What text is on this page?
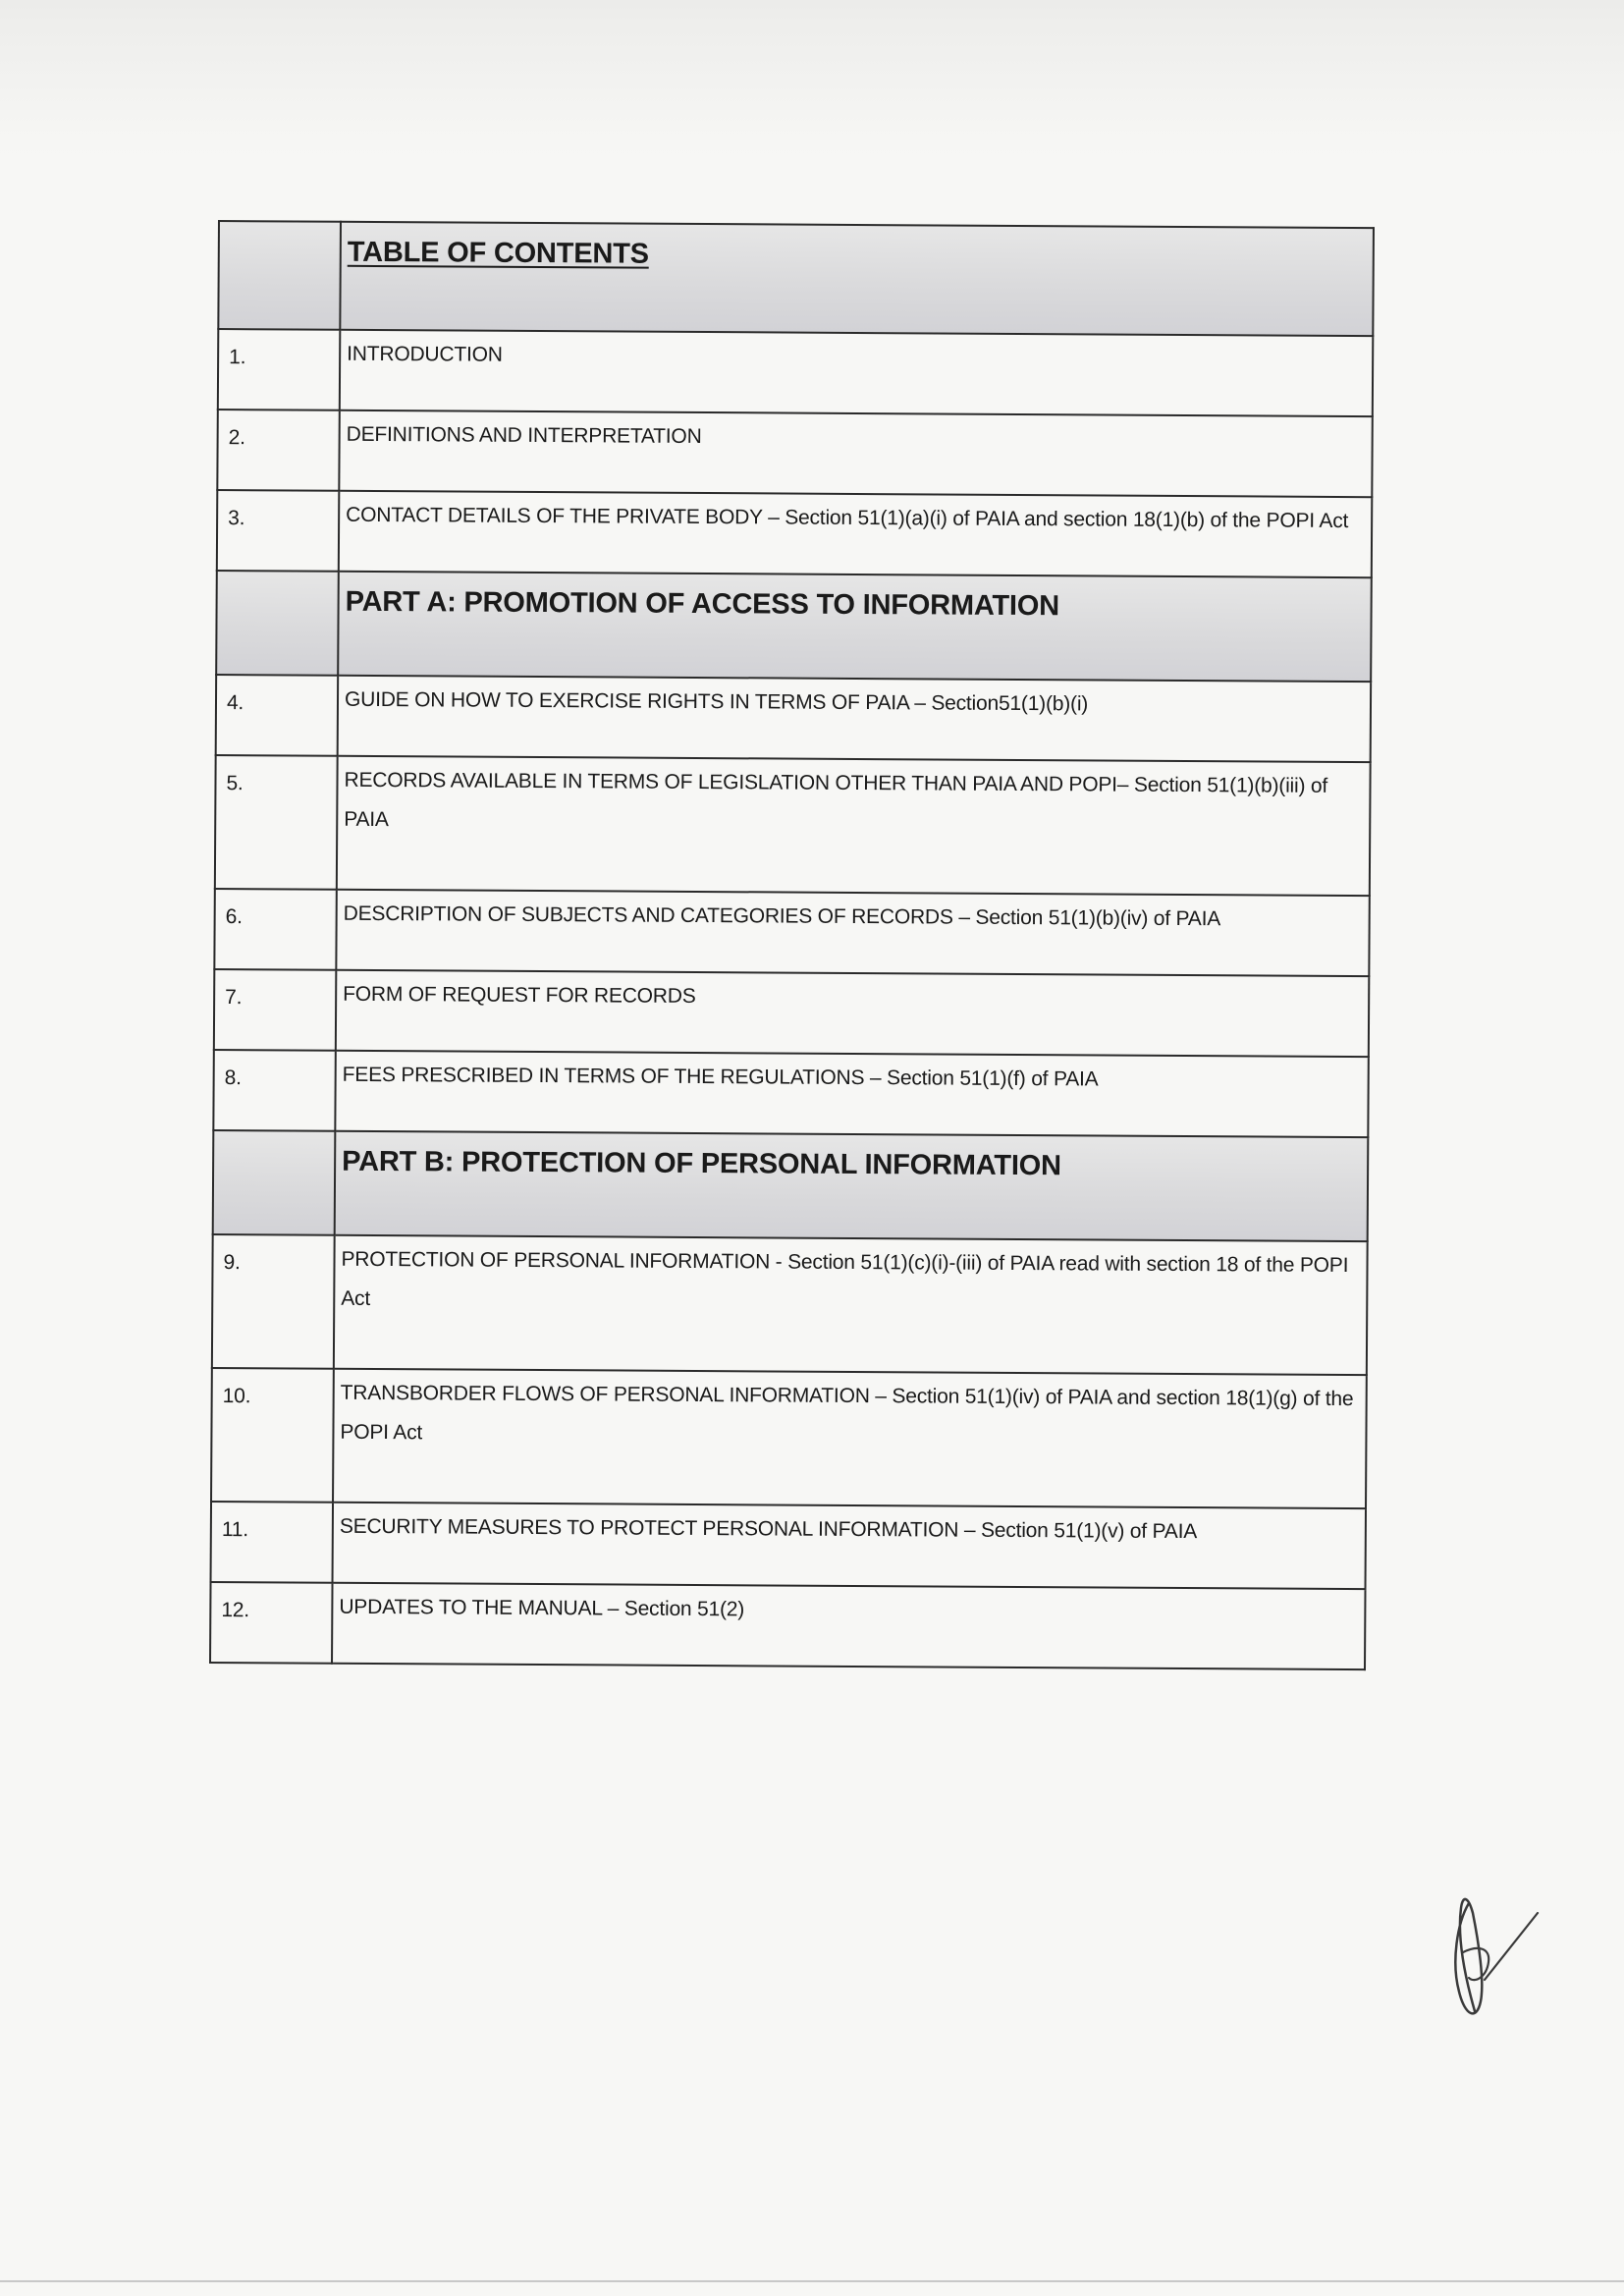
	TABLE OF CONTENTS
1.	INTRODUCTION
2.	DEFINITIONS AND INTERPRETATION
3.	CONTACT DETAILS OF THE PRIVATE BODY – Section 51(1)(a)(i) of PAIA and section 18(1)(b) of the POPI Act
	PART A: PROMOTION OF ACCESS TO INFORMATION
4.	GUIDE ON HOW TO EXERCISE RIGHTS IN TERMS OF PAIA – Section51(1)(b)(i)
5.	RECORDS AVAILABLE IN TERMS OF LEGISLATION OTHER THAN PAIA AND POPI– Section 51(1)(b)(iii) of PAIA
6.	DESCRIPTION OF SUBJECTS AND CATEGORIES OF RECORDS – Section 51(1)(b)(iv) of PAIA
7.	FORM OF REQUEST FOR RECORDS
8.	FEES PRESCRIBED IN TERMS OF THE REGULATIONS – Section 51(1)(f) of PAIA
	PART B: PROTECTION OF PERSONAL INFORMATION
9.	PROTECTION OF PERSONAL INFORMATION - Section 51(1)(c)(i)-(iii) of PAIA read with section 18 of the POPI Act
10.	TRANSBORDER FLOWS OF PERSONAL INFORMATION – Section 51(1)(iv) of PAIA and section 18(1)(g) of the POPI Act
11.	SECURITY MEASURES TO PROTECT PERSONAL INFORMATION – Section 51(1)(v) of PAIA
12.	UPDATES TO THE MANUAL – Section 51(2)
